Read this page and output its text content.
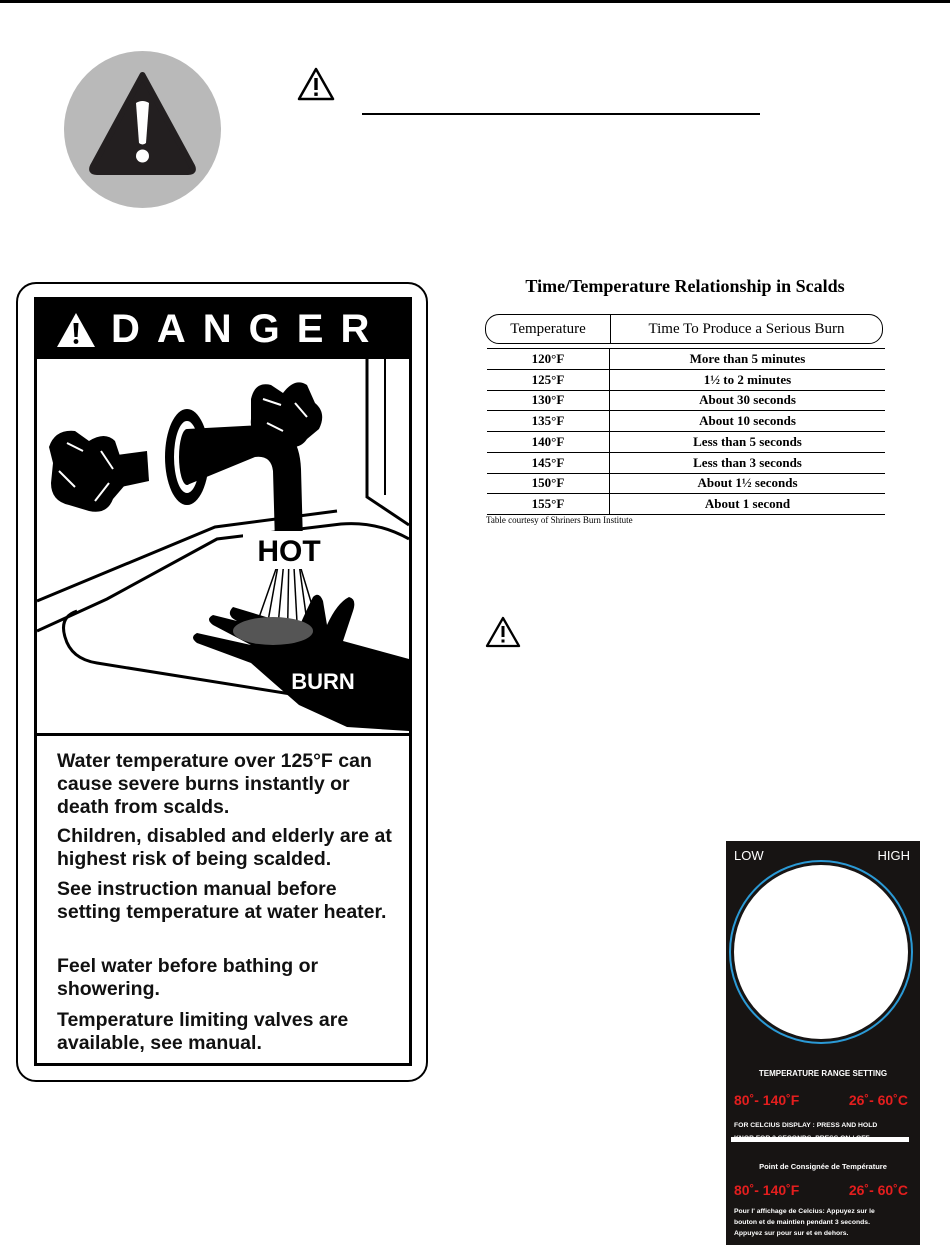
DANGER
HOT
BURN
Water temperature over 125°F can cause severe burns instantly or death from scalds.
Children, disabled and elderly are at highest risk of being scalded.
See instruction manual before setting temperature at water heater.
Feel water before bathing or showering.
Temperature limiting valves are available, see manual.
Time/Temperature Relationship in Scalds
Temperature	Time To Produce a Serious Burn
120°F	More than 5 minutes
125°F	1½ to 2 minutes
130°F	About 30 seconds
135°F	About 10 seconds
140°F	Less than 5 seconds
145°F	Less than 3 seconds
150°F	About 1½ seconds
155°F	About 1 second
Table courtesy of Shriners Burn Institute
LOW	HIGH
TEMPERATURE RANGE SETTING
80˚- 140˚F	26˚- 60˚C
FOR CELCIUS DISPLAY : PRESS AND HOLD
Point de Consignée de Température
80˚- 140˚F	26˚- 60˚C
Pour l' affichage de Celcius: Appuyez sur le
bouton et de maintien pendant 3 seconds.
Appuyez sur pour sur et en dehors.
